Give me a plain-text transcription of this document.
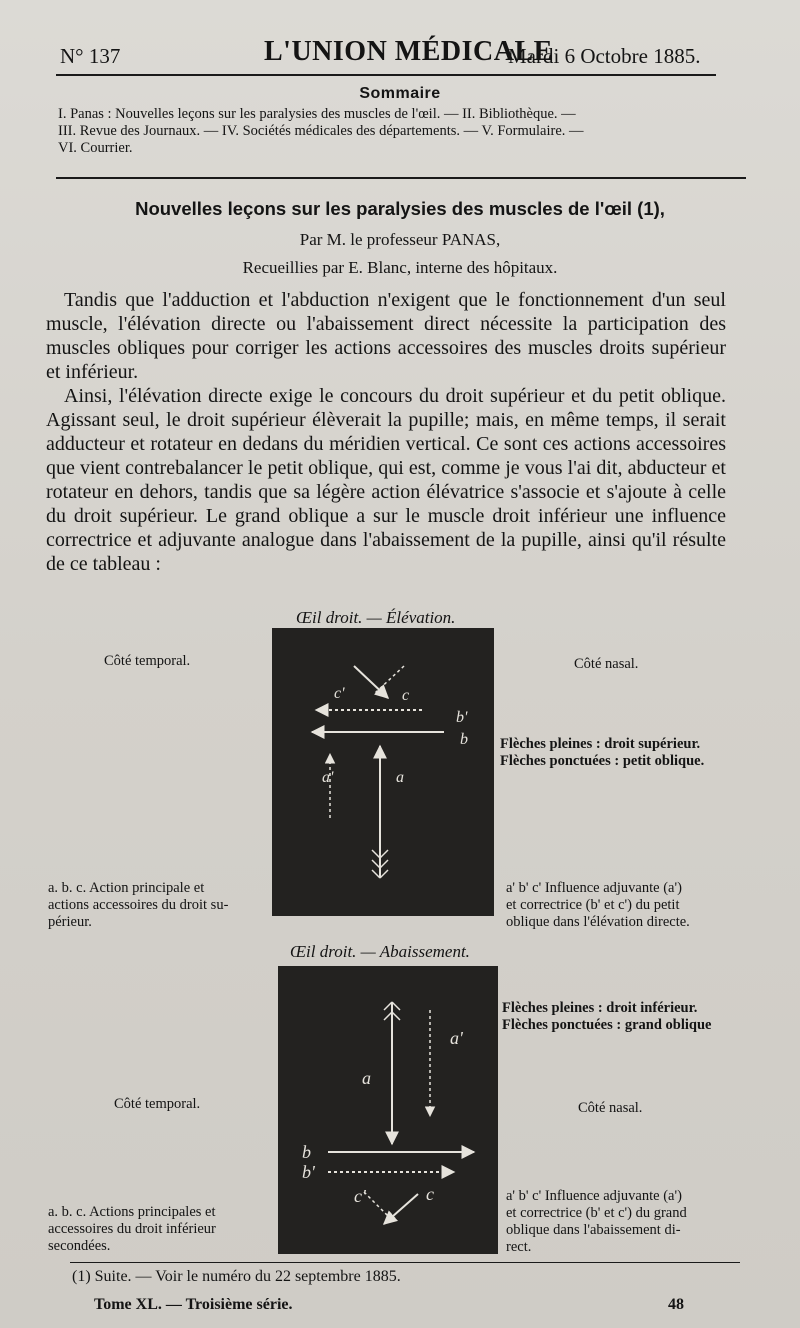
N° 137	L'UNION MÉDICALE
Mardi 6 Octobre 1885.
Sommaire
I. Panas : Nouvelles leçons sur les paralysies des muscles de l'œil. — II. Bibliothèque. —
III. Revue des Journaux. — IV. Sociétés médicales des départements. — V. Formulaire. —
VI. Courrier.
Nouvelles leçons sur les paralysies des muscles de l'œil (1),
Par M. le professeur PANAS,
Recueillies par E. Blanc, interne des hôpitaux.

Tandis que l'adduction et l'abduction n'exigent que le fonctionnement d'un seul muscle, l'élévation directe ou l'abaissement direct nécessite la participation des muscles obliques pour corriger les actions accessoires des muscles droits supérieur et inférieur.

Ainsi, l'élévation directe exige le concours du droit supérieur et du petit oblique. Agissant seul, le droit supérieur élèverait la pupille; mais, en même temps, il serait adducteur et rotateur en dedans du méridien vertical. Ce sont ces actions accessoires que vient contrebalancer le petit oblique, qui est, comme je vous l'ai dit, abducteur et rotateur en dehors, tandis que sa légère action élévatrice s'associe et s'ajoute à celle du droit supérieur. Le grand oblique a sur le muscle droit inférieur une influence correctrice et adjuvante analogue dans l'abaissement de la pupille, ainsi qu'il résulte de ce tableau :

Œil droit. — Élévation.
Côté temporal.	Côté nasal.
Flèches pleines : droit supérieur.
Flèches ponctuées : petit oblique.
a. b. c. Action principale et
actions accessoires du droit su-
périeur.
a' b' c' Influence adjuvante (a')
et correctrice (b' et c') du petit
oblique dans l'élévation directe.
c'	c
b'
b
a'	a
Œil droit. — Abaissement.
Flèches pleines : droit inférieur.
Flèches ponctuées : grand oblique
Côté temporal.	Côté nasal.
a. b. c. Actions principales et
accessoires du droit inférieur
secondées.
a' b' c' Influence adjuvante (a')
et correctrice (b' et c') du grand
oblique dans l'abaissement di-
rect.
a'
a
b
b'
c'	c
(1) Suite. — Voir le numéro du 22 septembre 1885.
Tome XL. — Troisième série.	48
